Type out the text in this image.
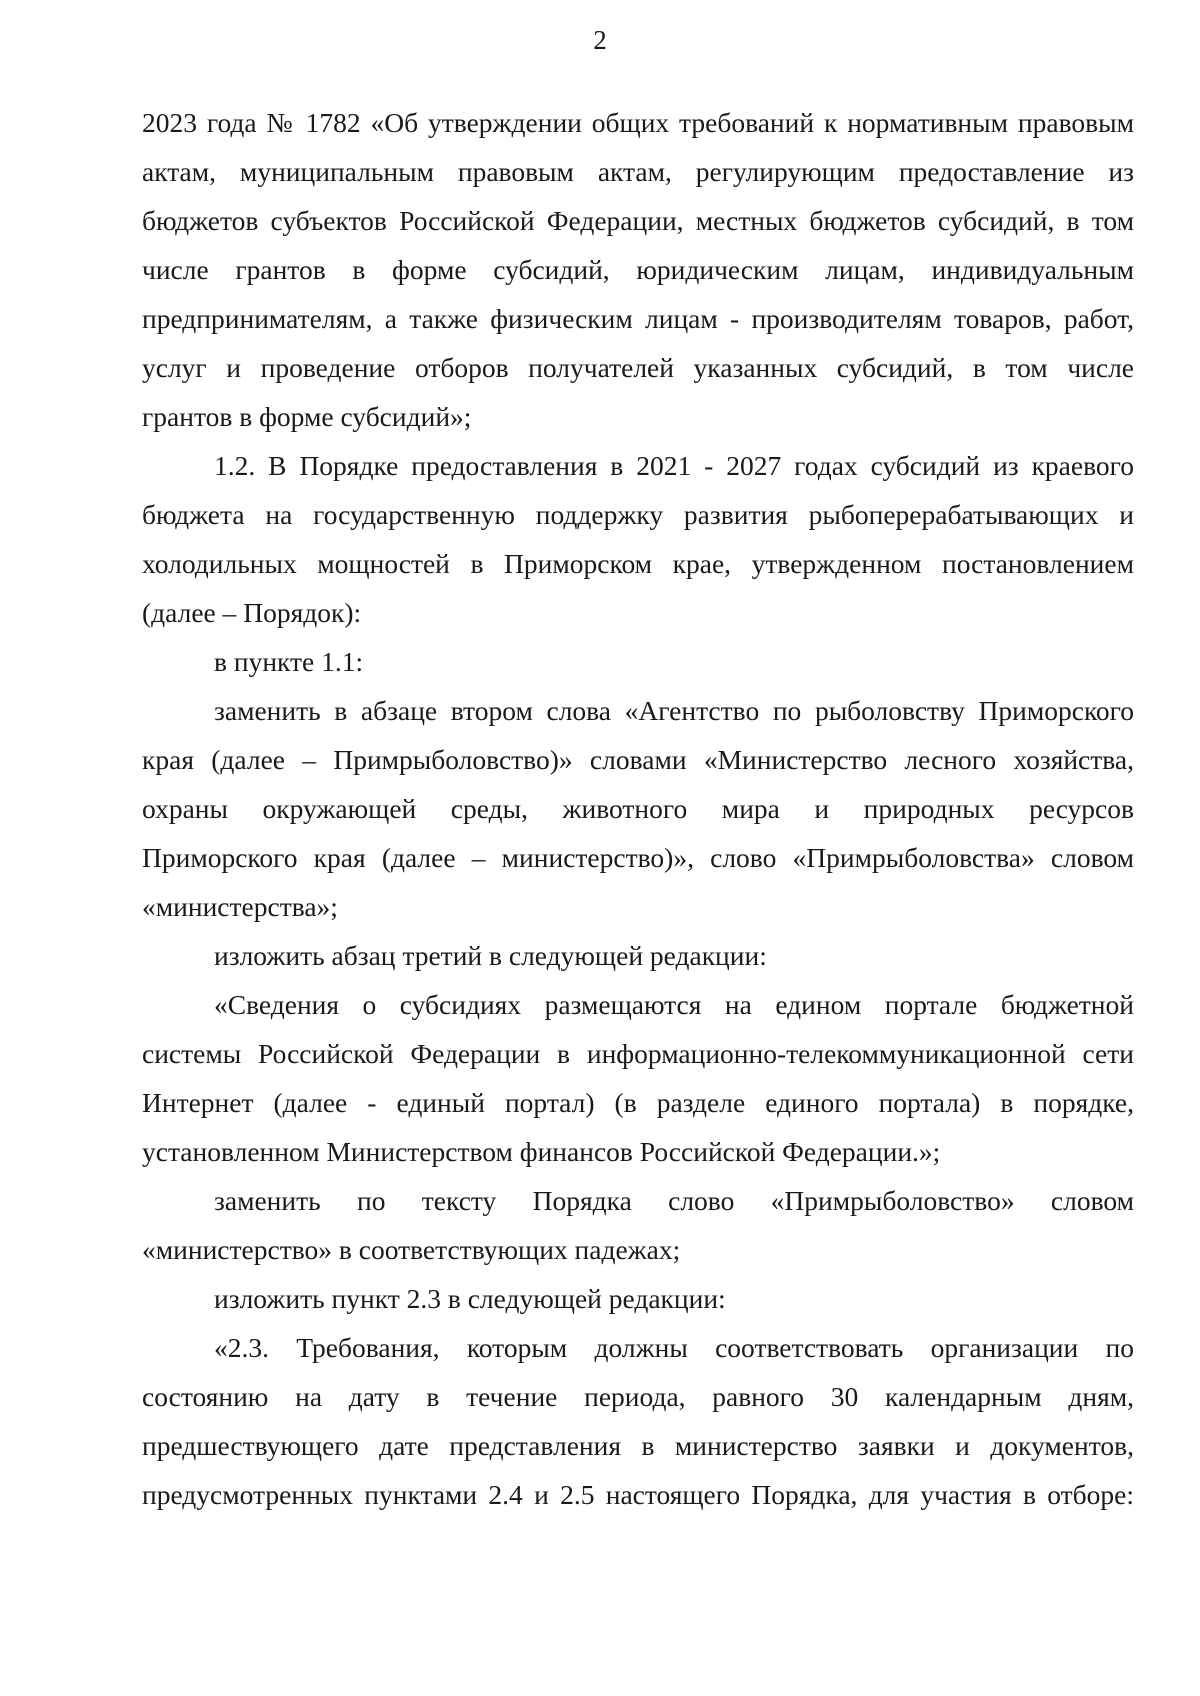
2
2023 года № 1782 «Об утверждении общих требований к нормативным правовым
актам, муниципальным правовым актам, регулирующим предоставление из
бюджетов субъектов Российской Федерации, местных бюджетов субсидий, в том
числе грантов в форме субсидий, юридическим лицам, индивидуальным
предпринимателям, а также физическим лицам - производителям товаров, работ,
услуг и проведение отборов получателей указанных субсидий, в том числе
грантов в форме субсидий»;
1.2. В Порядке предоставления в 2021 - 2027 годах субсидий из краевого
бюджета на государственную поддержку развития рыбоперерабатывающих и
холодильных мощностей в Приморском крае, утвержденном постановлением
(далее – Порядок):
в пункте 1.1:
заменить в абзаце втором слова «Агентство по рыболовству Приморского
края (далее – Примрыболовство)» словами «Министерство лесного хозяйства,
охраны окружающей среды, животного мира и природных ресурсов
Приморского края (далее – министерство)», слово «Примрыболовства» словом
«министерства»;
изложить абзац третий в следующей редакции:
«Сведения о субсидиях размещаются на едином портале бюджетной
системы Российской Федерации в информационно-телекоммуникационной сети
Интернет (далее - единый портал) (в разделе единого портала) в порядке,
установленном Министерством финансов Российской Федерации.»;
заменить по тексту Порядка слово «Примрыболовство» словом
«министерство» в соответствующих падежах;
изложить пункт 2.3 в следующей редакции:
«2.3. Требования, которым должны соответствовать организации по
состоянию на дату в течение периода, равного 30 календарным дням,
предшествующего дате представления в министерство заявки и документов,
предусмотренных пунктами 2.4 и 2.5 настоящего Порядка, для участия в отборе:
